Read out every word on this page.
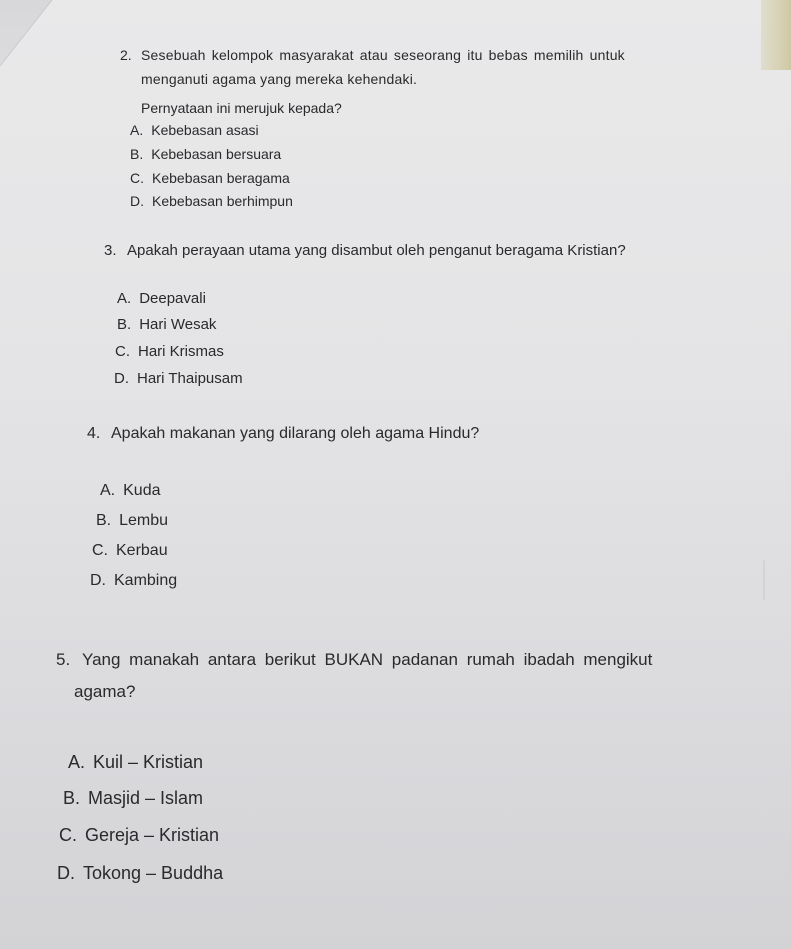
2. Sesebuah kelompok masyarakat atau seseorang itu bebas memilih untuk
menganuti agama yang mereka kehendaki.
Pernyataan ini merujuk kepada?
A. Kebebasan asasi
B. Kebebasan bersuara
C. Kebebasan beragama
D. Kebebasan berhimpun
3. Apakah perayaan utama yang disambut oleh penganut beragama Kristian?
A. Deepavali
B. Hari Wesak
C. Hari Krismas
D. Hari Thaipusam
4. Apakah makanan yang dilarang oleh agama Hindu?
A. Kuda
B. Lembu
C. Kerbau
D. Kambing
5. Yang manakah antara berikut BUKAN padanan rumah ibadah mengikut
agama?
A. Kuil – Kristian
B. Masjid – Islam
C. Gereja – Kristian
D. Tokong – Buddha
